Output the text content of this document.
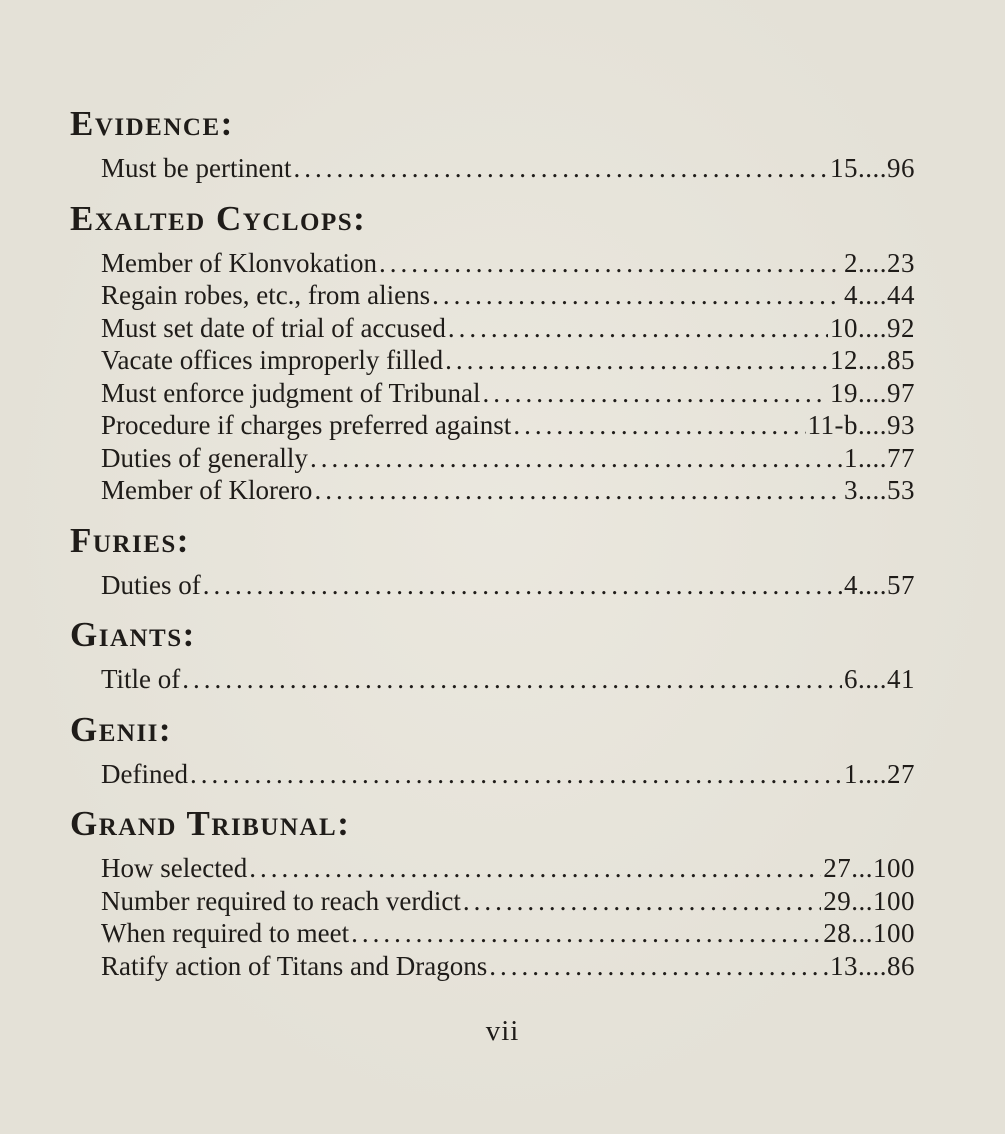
Evidence:
Must be pertinent .....	15....96
Exalted Cyclops:
Member of Klonvokation .....	2....23
Regain robes, etc., from aliens .....	4....44
Must set date of trial of accused .....	10....92
Vacate offices improperly filled .....	12....85
Must enforce judgment of Tribunal .....	19....97
Procedure if charges preferred against .....	11-b....93
Duties of generally .....	1....77
Member of Klorero .....	3....53
Furies:
Duties of .....	4....57
Giants:
Title of .....	6....41
Genii:
Defined .....	1....27
Grand Tribunal:
How selected .....	27...100
Number required to reach verdict .....	29...100
When required to meet .....	28...100
Ratify action of Titans and Dragons .....	13....86
vii
